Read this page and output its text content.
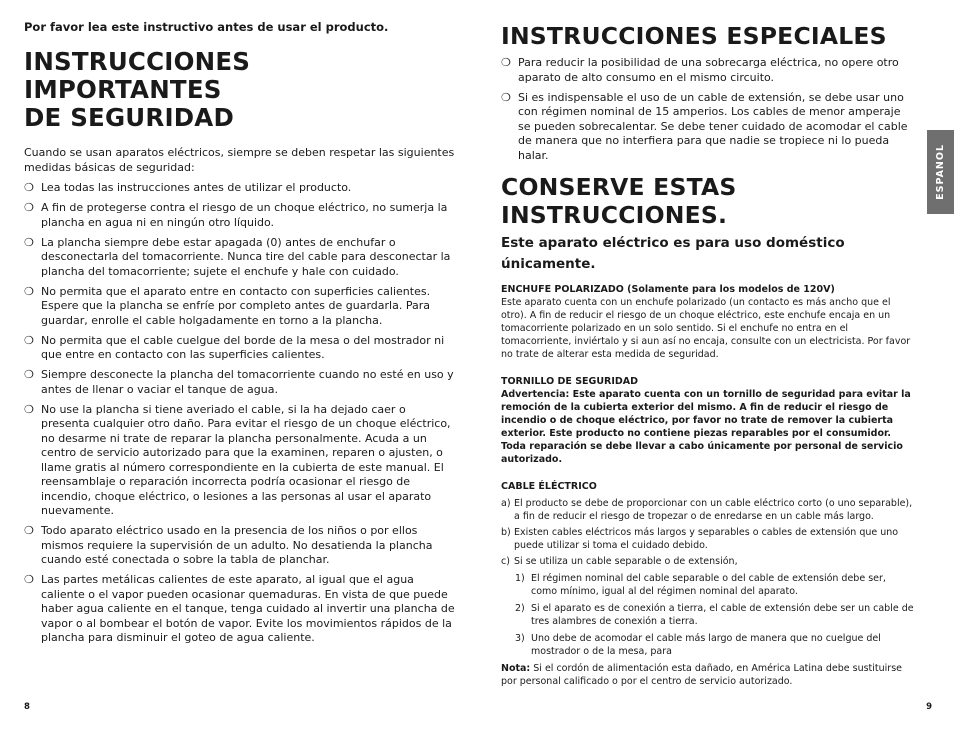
Por favor lea este instructivo antes de usar el producto.
INSTRUCCIONES IMPORTANTES
DE SEGURIDAD

Cuando se usan aparatos eléctricos, siempre se deben respetar las siguientes medidas básicas de seguridad:

❍ Lea todas las instrucciones antes de utilizar el producto.
❍ A fin de protegerse contra el riesgo de un choque eléctrico, no sumerja la plancha en agua ni en ningún otro líquido.
❍ La plancha siempre debe estar apagada (0) antes de enchufar o desconectarla del tomacorriente. Nunca tire del cable para desconectar la plancha del tomacorriente; sujete el enchufe y hale con cuidado.
❍ No permita que el aparato entre en contacto con superficies calientes. Espere que la plancha se enfríe por completo antes de guardarla. Para guardar, enrolle el cable holgadamente en torno a la plancha.
❍ No permita que el cable cuelgue del borde de la mesa o del mostrador ni que entre en contacto con las superficies calientes.
❍ Siempre desconecte la plancha del tomacorriente cuando no esté en uso y antes de llenar o vaciar el tanque de agua.
❍ No use la plancha si tiene averiado el cable, si la ha dejado caer o presenta cualquier otro daño. Para evitar el riesgo de un choque eléctrico, no desarme ni trate de reparar la plancha personalmente. Acuda a un centro de servicio autorizado para que la examinen, reparen o ajusten, o llame gratis al número correspondiente en la cubierta de este manual. El reensamblaje o reparación incorrecta podría ocasionar el riesgo de incendio, choque eléctrico, o lesiones a las personas al usar el aparato nuevamente.
❍ Todo aparato eléctrico usado en la presencia de los niños o por ellos mismos requiere la supervisión de un adulto. No desatienda la plancha cuando esté conectada o sobre la tabla de planchar.
❍ Las partes metálicas calientes de este aparato, al igual que el agua caliente o el vapor pueden ocasionar quemaduras. En vista de que puede haber agua caliente en el tanque, tenga cuidado al invertir una plancha de vapor o al bombear el botón de vapor. Evite los movimientos rápidos de la plancha para disminuir el goteo de agua caliente.
8
INSTRUCCIONES ESPECIALES
❍ Para reducir la posibilidad de una sobrecarga eléctrica, no opere otro aparato de alto consumo en el mismo circuito.
❍ Si es indispensable el uso de un cable de extensión, se debe usar uno con régimen nominal de 15 amperios. Los cables de menor amperaje se pueden sobrecalentar. Se debe tener cuidado de acomodar el cable de manera que no interfiera para que nadie se tropiece ni lo pueda halar.
CONSERVE ESTAS
INSTRUCCIONES.
Este aparato eléctrico es para uso doméstico únicamente.
ENCHUFE POLARIZADO (Solamente para los modelos de 120V)

Este aparato cuenta con un enchufe polarizado (un contacto es más ancho que el otro). A fin de reducir el riesgo de un choque eléctrico, este enchufe encaja en un tomacorriente polarizado en un solo sentido. Si el enchufe no entra en el tomacorriente, inviértalo y si aun así no encaja, consulte con un electricista. Por favor no trate de alterar esta medida de seguridad.

TORNILLO DE SEGURIDAD

Advertencia: Este aparato cuenta con un tornillo de seguridad para evitar la remoción de la cubierta exterior del mismo. A fin de reducir el riesgo de incendio o de choque eléctrico, por favor no trate de remover la cubierta exterior. Este producto no contiene piezas reparables por el consumidor. Toda reparación se debe llevar a cabo únicamente por personal de servicio autorizado.

CABLE ÉLÉCTRICO
a) El producto se debe de proporcionar con un cable eléctrico corto (o uno separable), a fin de reducir el riesgo de tropezar o de enredarse en un cable más largo.
b) Existen cables eléctricos más largos y separables o cables de extensión que uno puede utilizar si toma el cuidado debido.
c) Si se utiliza un cable separable o de extensión,
1) El régimen nominal del cable separable o del cable de extensión debe ser, como mínimo, igual al del régimen nominal del aparato.
2) Si el aparato es de conexión a tierra, el cable de extensión debe ser un cable de tres alambres de conexión a tierra.
3) Uno debe de acomodar el cable más largo de manera que no cuelgue del mostrador o de la mesa, para
Nota: Si el cordón de alimentación esta dañado, en América Latina debe sustituirse por personal calificado o por el centro de servicio autorizado.
9
ESPAÑOL
